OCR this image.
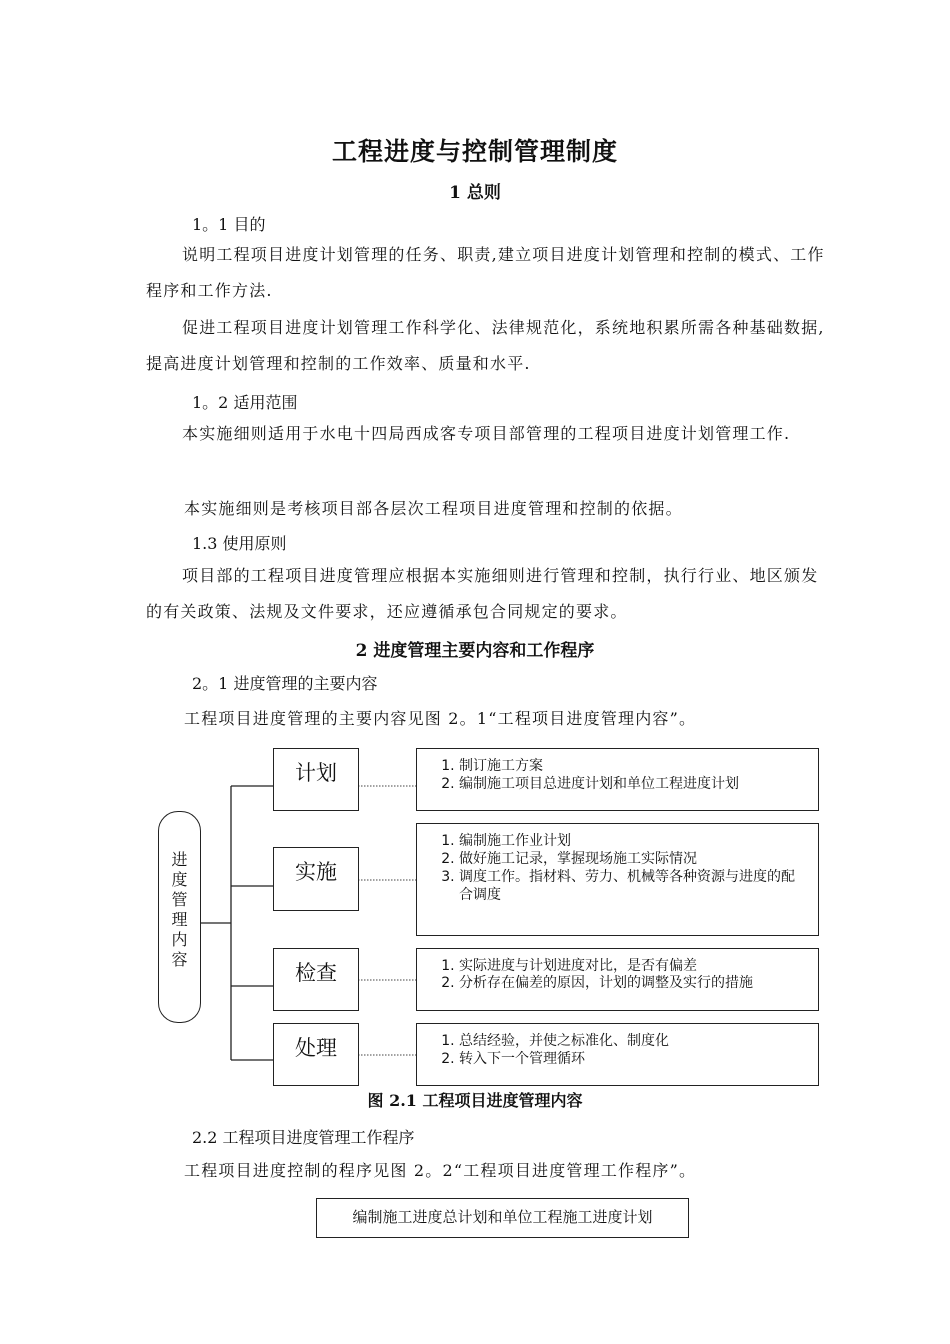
工程进度与控制管理制度
1 总则
1。1 目的
说明工程项目进度计划管理的任务、职责,建立项目进度计划管理和控制的模式、工作程序和工作方法.
促进工程项目进度计划管理工作科学化、法律规范化，系统地积累所需各种基础数据,提高进度计划管理和控制的工作效率、质量和水平.
1。2 适用范围
本实施细则适用于水电十四局西成客专项目部管理的工程项目进度计划管理工作.
本实施细则是考核项目部各层次工程项目进度管理和控制的依据。
1.3 使用原则
项目部的工程项目进度管理应根据本实施细则进行管理和控制，执行行业、地区颁发的有关政策、法规及文件要求，还应遵循承包合同规定的要求。
2 进度管理主要内容和工作程序
2。1 进度管理的主要内容
工程项目进度管理的主要内容见图 2。1“工程项目进度管理内容”。
进
度
管
理
内
容
计划
实施
检查
处理
1. 制订施工方案
2. 编制施工项目总进度计划和单位工程进度计划
1. 编制施工作业计划
2. 做好施工记录，掌握现场施工实际情况
3. 调度工作。指材料、劳力、机械等各种资源与进度的配合调度
1. 实际进度与计划进度对比，是否有偏差
2. 分析存在偏差的原因，计划的调整及实行的措施
1. 总结经验，并使之标准化、制度化
2. 转入下一个管理循环
图 2.1 工程项目进度管理内容
2.2 工程项目进度管理工作程序
工程项目进度控制的程序见图 2。2“工程项目进度管理工作程序”。
编制施工进度总计划和单位工程施工进度计划
